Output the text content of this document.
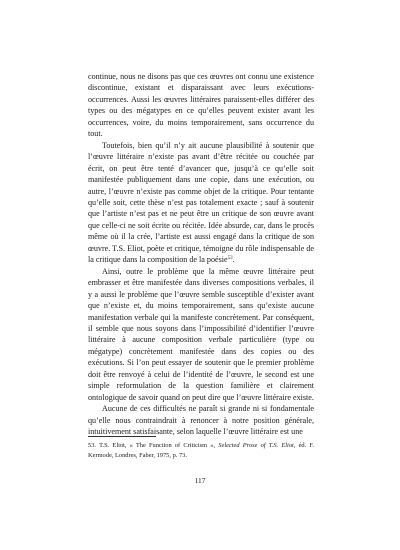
continue, nous ne disons pas que ces œuvres ont connu une existence discontinue, existant et disparaissant avec leurs exécutions-occurrences. Aussi les œuvres littéraires paraissent-elles différer des types ou des mégatypes en ce qu’elles peuvent exister avant les occurrences, voire, du moins temporairement, sans occurrence du tout.

Toutefois, bien qu’il n’y ait aucune plausibilité à soutenir que l’œuvre littéraire n’existe pas avant d’être récitée ou couchée par écrit, on peut être tenté d’avancer que, jusqu’à ce qu’elle soit manifestée publiquement dans une copie, dans une exécution, ou autre, l’œuvre n’existe pas comme objet de la critique. Pour tentante qu’elle soit, cette thèse n’est pas totalement exacte ; sauf à soutenir que l’artiste n’est pas et ne peut être un critique de son œuvre avant que celle-ci ne soit écrite ou récitée. Idée absurde, car, dans le procès même où il la crée, l’artiste est aussi engagé dans la critique de son œuvre. T.S. Eliot, poète et critique, témoigne du rôle indispensable de la critique dans la composition de la poésie$^{53}$.

Ainsi, outre le problème que la même œuvre littéraire peut embrasser et être manifestée dans diverses compositions verbales, il y a aussi le problème que l’œuvre semble susceptible d’exister avant que n’existe et, du moins temporairement, sans qu’existe aucune manifestation verbale qui la manifeste concrètement. Par conséquent, il semble que nous soyons dans l’impossibilité d’identifier l’œuvre littéraire à aucune composition verbale particulière (type ou mégatype) concrètement manifestée dans des copies ou des exécutions. Si l’on peut essayer de soutenir que le premier problème doit être renvoyé à celui de l’identité de l’œuvre, le second est une simple reformulation de la question familière et clairement ontologique de savoir quand on peut dire que l’œuvre littéraire existe.

Aucune de ces difficultés ne paraît si grande ni si fondamentale qu’elle nous contraindrait à renoncer à notre position générale, intuitivement satisfaisante, selon laquelle l’œuvre littéraire est une

53. T.S. Eliot, « The Function of Criticism », Selected Prose of T.S. Eliot, éd. F. Kermode, Londres, Faber, 1975, p. 73.

117
